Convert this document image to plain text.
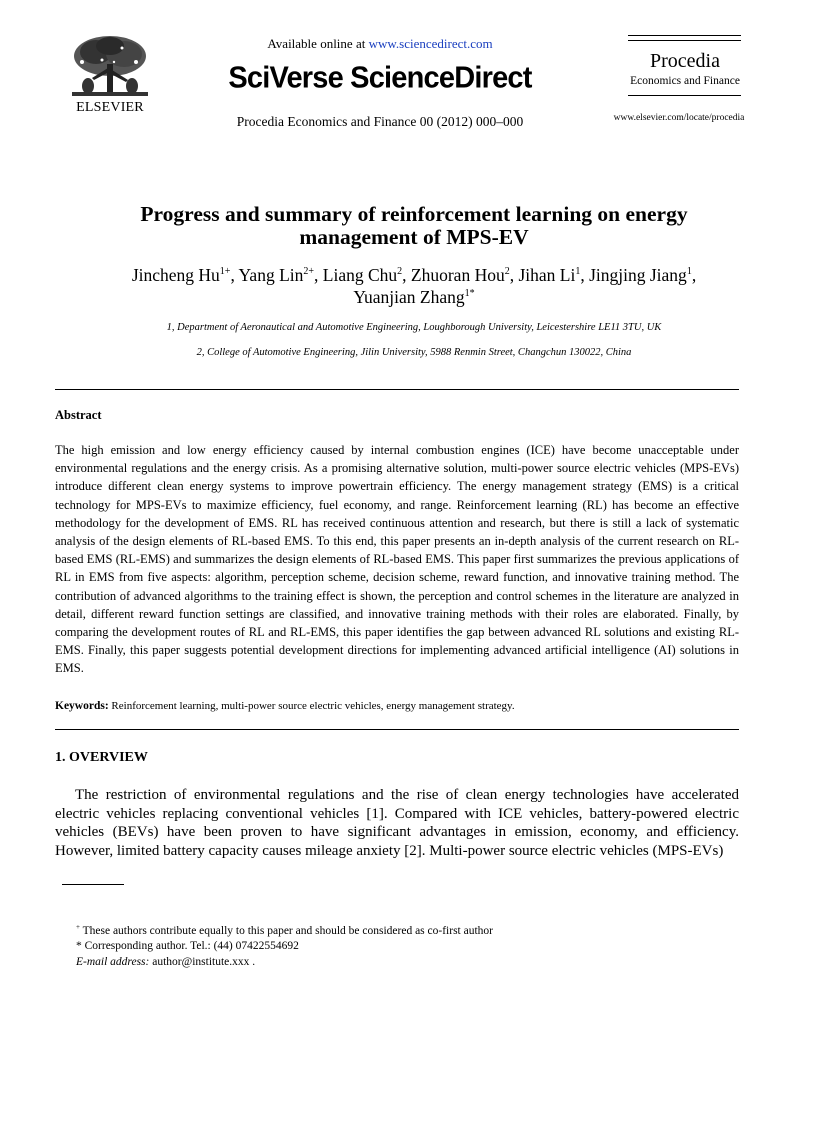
ELSEVIER
Available online at www.sciencedirect.com
SciVerse ScienceDirect
Procedia Economics and Finance 00 (2012) 000–000
Procedia
Economics and Finance
www.elsevier.com/locate/procedia
Progress and summary of reinforcement learning on energy
management of MPS-EV
Jincheng $Hu^{1+}$, Yang Lin$^{2+}$, Liang Chu$^2$, Zhuoran Hou$^2$, Jihan Li$^1$, Jingjing Jiang$^1$,
Yuanjian Zhang$^{1*}$
1, Department of Aeronautical and Automotive Engineering, Loughborough University, Leicestershire LE11 3TU, UK
2, College of Automotive Engineering, Jilin University, 5988 Renmin Street, Changchun 130022, China
Abstract
The high emission and low energy efficiency caused by internal combustion engines (ICE) have become unacceptable under environmental regulations and the energy crisis. As a promising alternative solution, multi-power source electric vehicles (MPS-EVs) introduce different clean energy systems to improve powertrain efficiency. The energy management strategy (EMS) is a critical technology for MPS-EVs to maximize efficiency, fuel economy, and range. Reinforcement learning (RL) has become an effective methodology for the development of EMS. RL has received continuous attention and research, but there is still a lack of systematic analysis of the design elements of RL-based EMS. To this end, this paper presents an in-depth analysis of the current research on RL-based EMS (RL-EMS) and summarizes the design elements of RL-based EMS. This paper first summarizes the previous applications of RL in EMS from five aspects: algorithm, perception scheme, decision scheme, reward function, and innovative training method. The contribution of advanced algorithms to the training effect is shown, the perception and control schemes in the literature are analyzed in detail, different reward function settings are classified, and innovative training methods with their roles are elaborated. Finally, by comparing the development routes of RL and RL-EMS, this paper identifies the gap between advanced RL solutions and existing RL-EMS. Finally, this paper suggests potential development directions for implementing advanced artificial intelligence (AI) solutions in EMS.
Keywords: Reinforcement learning, multi-power source electric vehicles, energy management strategy.
1. OVERVIEW
The restriction of environmental regulations and the rise of clean energy technologies have accelerated electric vehicles replacing conventional vehicles [1]. Compared with ICE vehicles, battery-powered electric vehicles (BEVs) have been proven to have significant advantages in emission, economy, and efficiency. However, limited battery capacity causes mileage anxiety [2]. Multi-power source electric vehicles (MPS-EVs)
+ These authors contribute equally to this paper and should be considered as co-first author
* Corresponding author. Tel.: (44) 07422554692
E-mail address: author@institute.xxx .
